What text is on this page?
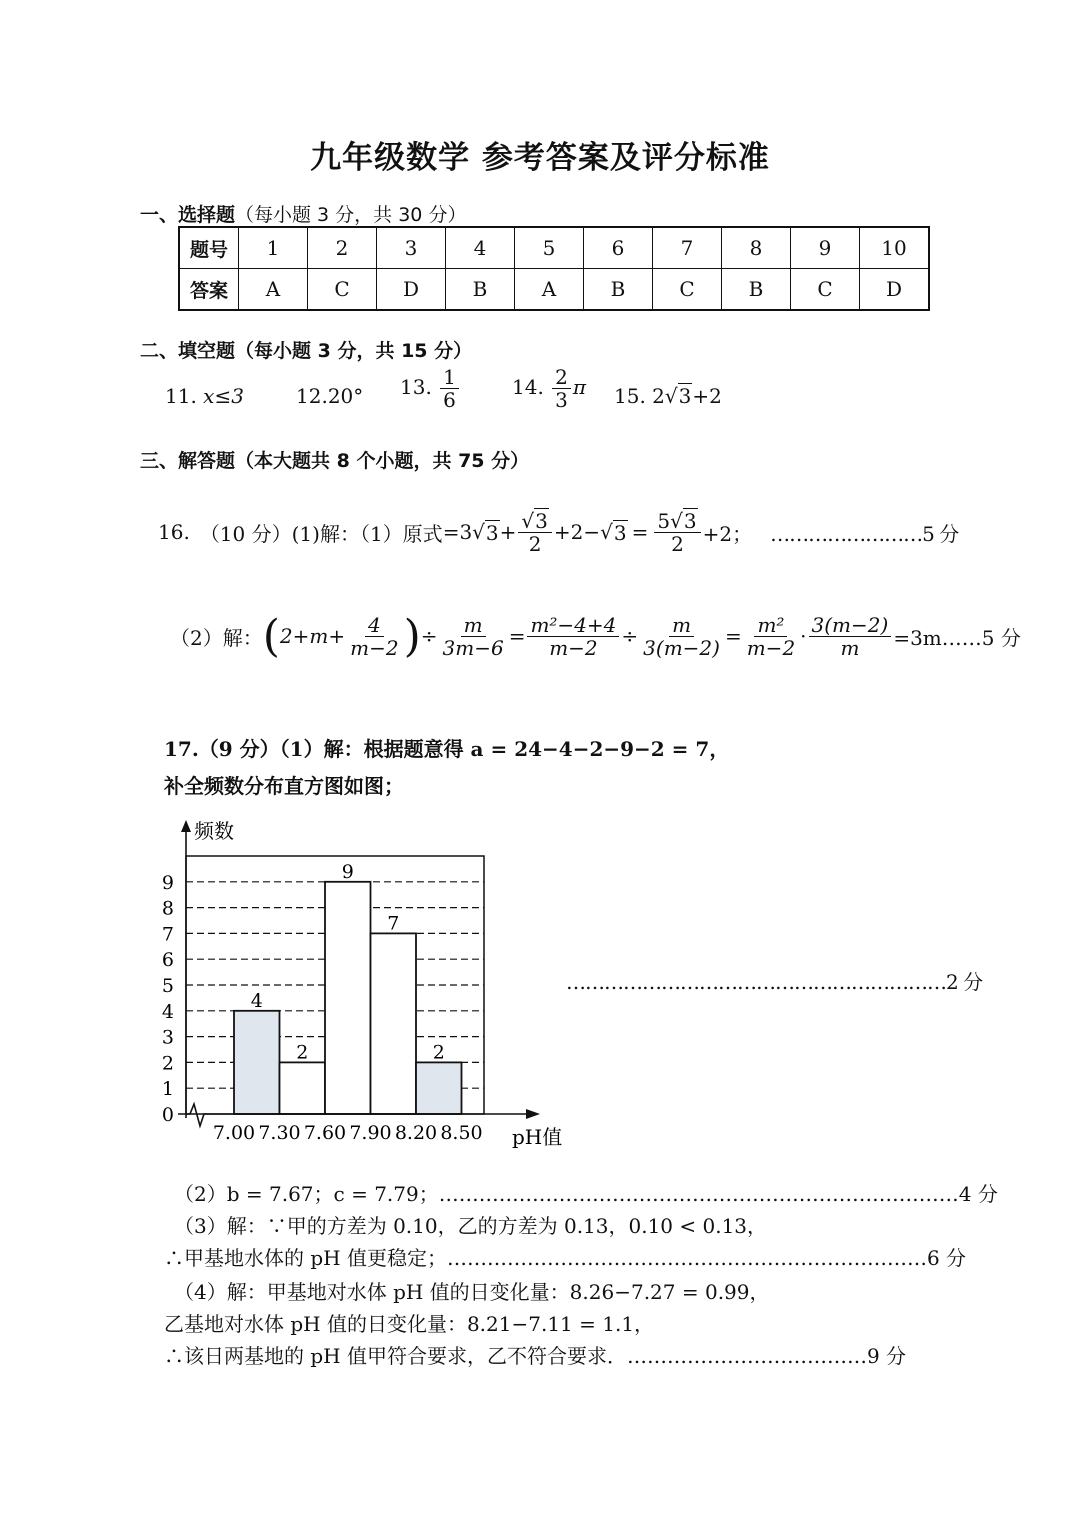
九年级数学 参考答案及评分标准
一、选择题（每小题 3 分，共 30 分）
题号	1	2	3	4	5	6	7	8	9	10
答案	A	C	D	B	A	B	C	B	C	D
二、填空题（每小题 3 分，共 15 分）
11. x≤3	12.20° 13. $\frac{1}{6}$	14. $\frac{2}{3}$ π 15. 2√3+2
三、解答题（本大题共 8 个小题，共 75 分）
16. （10 分） (1)解：（1）原式 =3 √ $3 + \frac{√3}{2} +2-$ √ $3 = \frac{5√3}{2} +2$； ……………………5 分
（2）解： ( $2+m+ \frac{4}{m-2}$ ) ÷ $\frac{m}{3m-6} = \frac{\text{m²−4+4}}{m-2} \div \frac{m}{3(m-2)} = \frac{\text{m²}}{m-2} \cdot \frac{3(m-2)}{m}$ =3m……5 分
17.（9 分）（1）解：根据题意得 a = 24−4−2−9−2 = 7，
补全频数分布直方图如图；
0
1
2
3
4
5
6
7
8
9
4
2
9
7
2
7.00 7.30 7.60 7.90 8.20 8.50
频数
pH值
……………………………………………………2 分
（2）b = 7.67；c = 7.79；……………………………………………………………………4 分
（3）解：∵甲的方差为 0.10，乙的方差为 0.13，0.10 < 0.13，
∴甲基地水体的 pH 值更稳定；………………………………………………………………6 分
（4）解：甲基地对水体 pH 值的日变化量：8.26−7.27 = 0.99，
乙基地对水体 pH 值的日变化量：8.21−7.11 = 1.1，
∴该日两基地的 pH 值甲符合要求，乙不符合要求．………………………………9 分
